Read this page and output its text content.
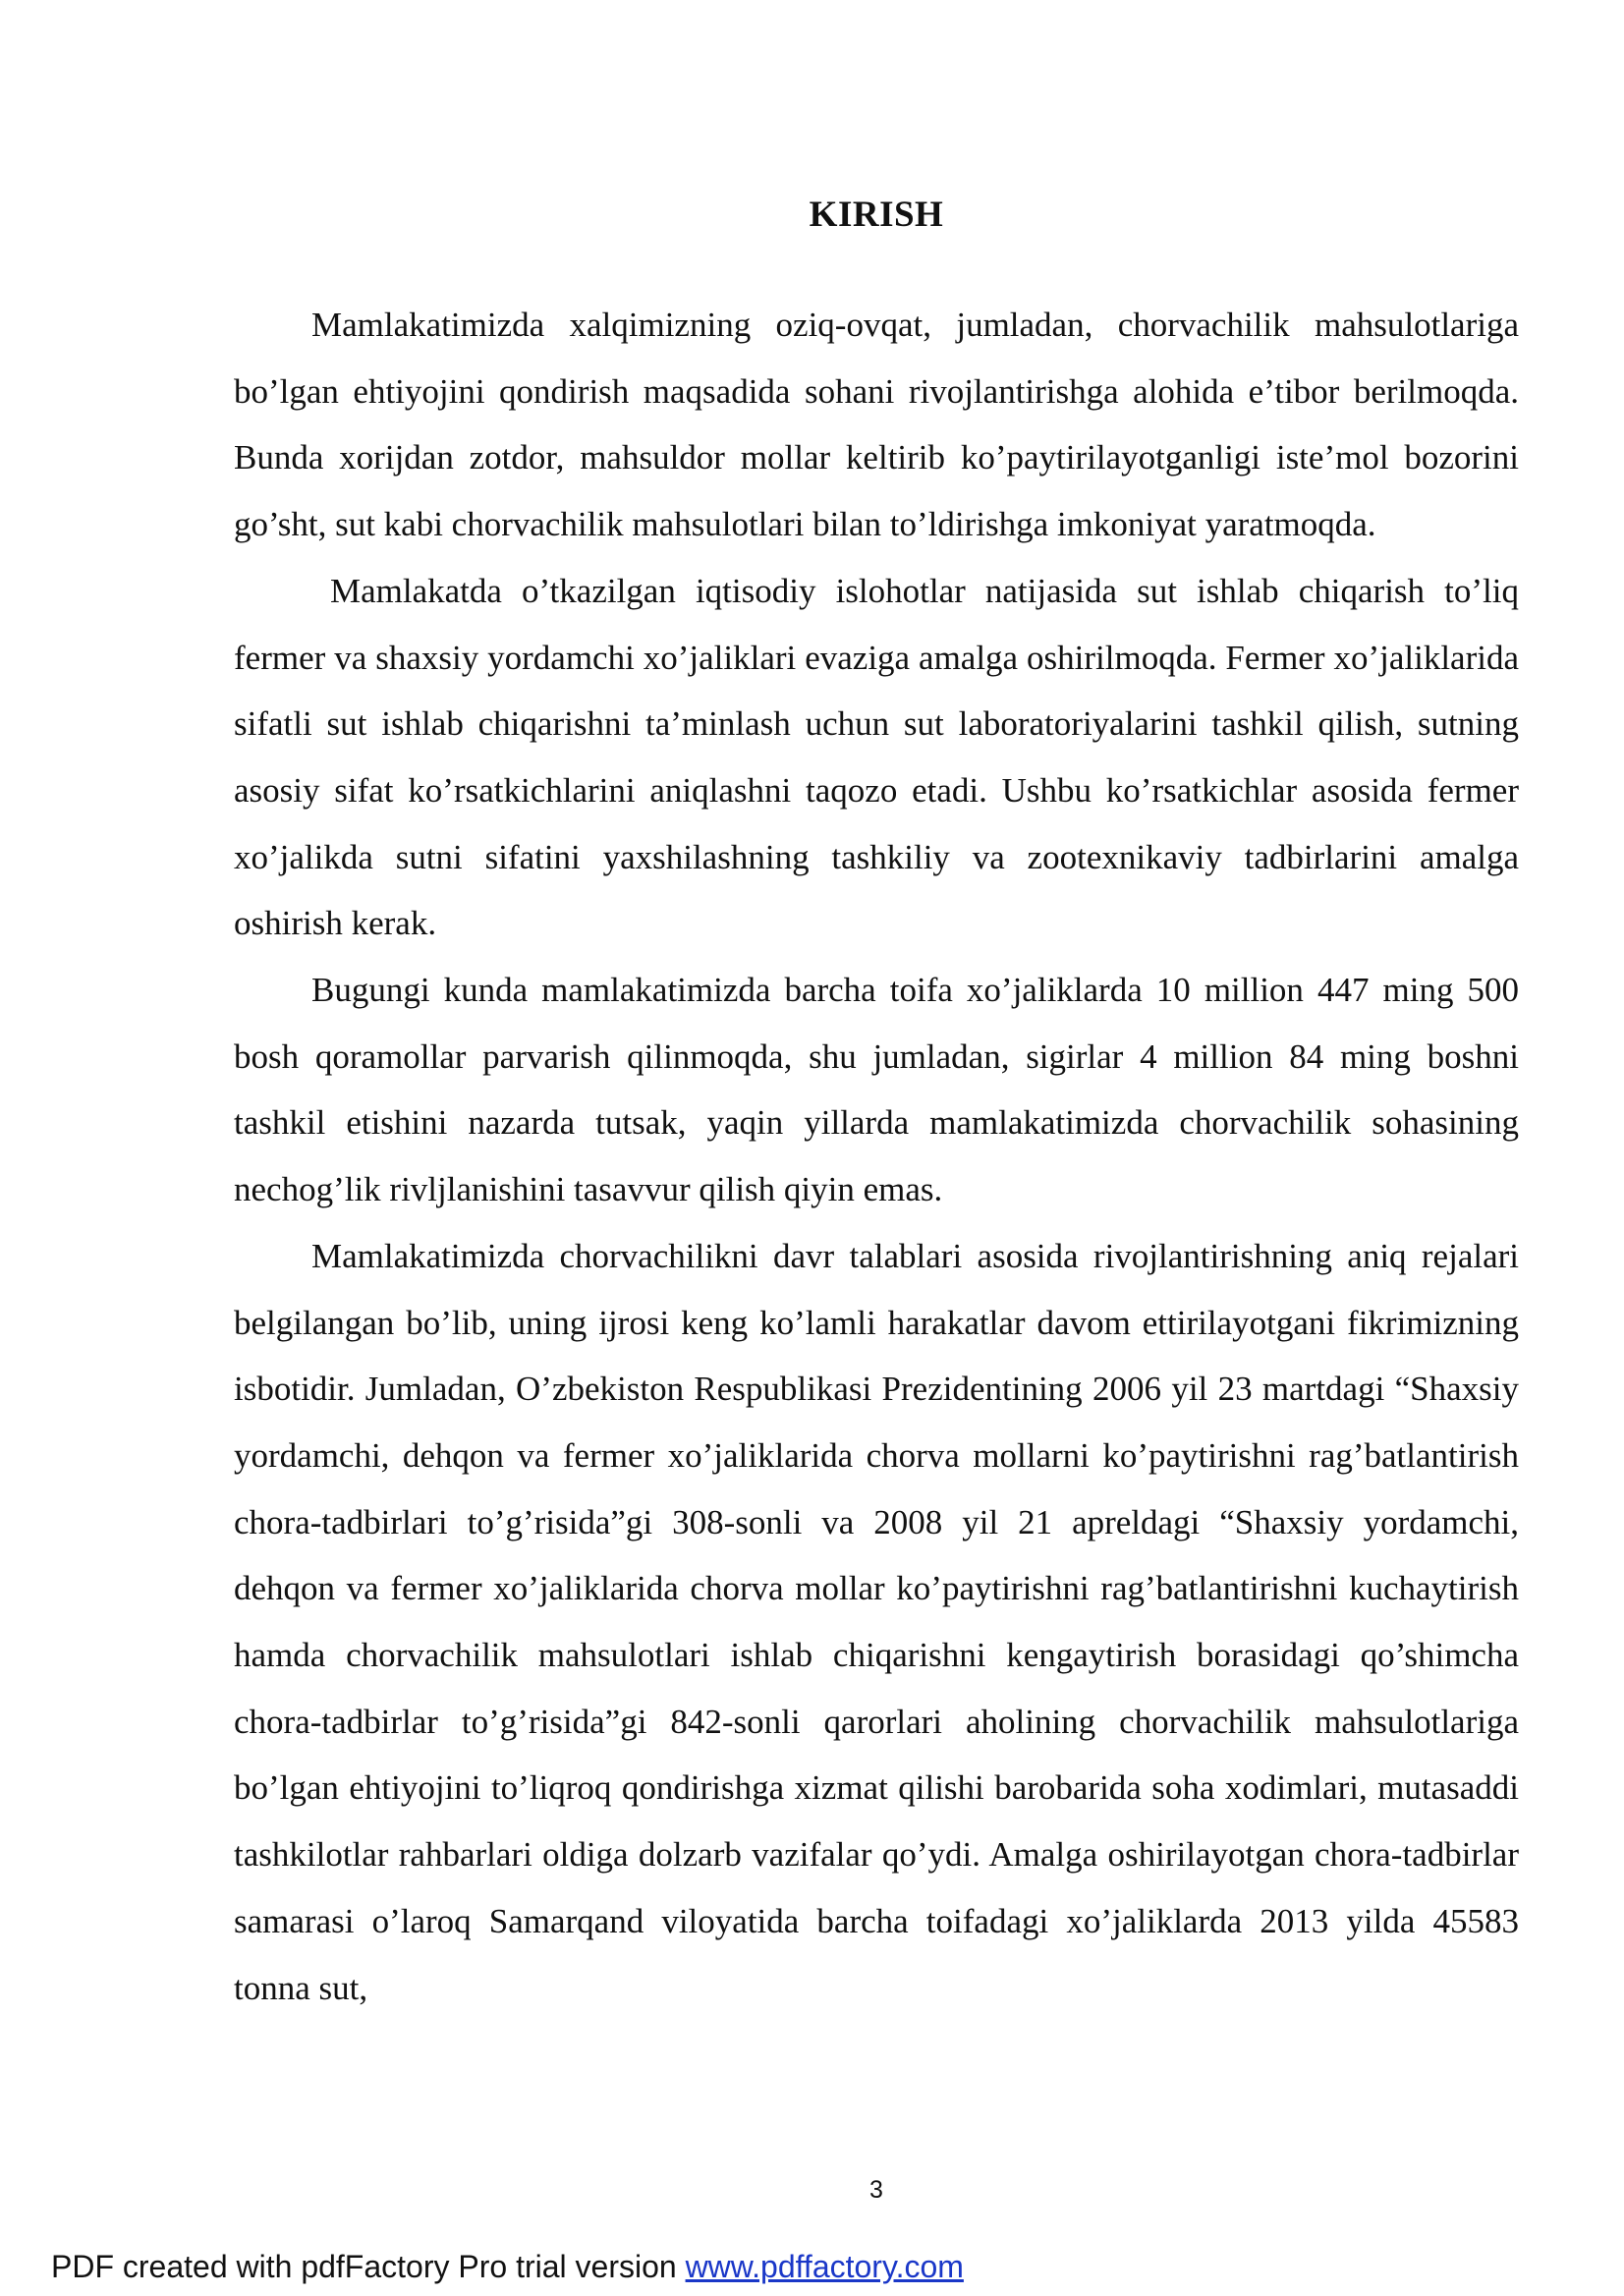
KIRISH

Mamlakatimizda xalqimizning oziq-ovqat, jumladan, chorvachilik mahsulotlariga bo’lgan ehtiyojini qondirish maqsadida sohani rivojlantirishga alohida e’tibor berilmoqda. Bunda xorijdan zotdor, mahsuldor mollar keltirib ko’paytirilayotganligi iste’mol bozorini go’sht, sut kabi chorvachilik mahsulotlari bilan to’ldirishga imkoniyat yaratmoqda.

Mamlakatda o’tkazilgan iqtisodiy islohotlar natijasida sut ishlab chiqarish to’liq fermer va shaxsiy yordamchi xo’jaliklari evaziga amalga oshirilmoqda. Fermer xo’jaliklarida sifatli sut ishlab chiqarishni ta’minlash uchun sut laboratoriyalarini tashkil qilish, sutning asosiy sifat ko’rsatkichlarini aniqlashni taqozo etadi. Ushbu ko’rsatkichlar asosida fermer xo’jalikda sutni sifatini yaxshilashning tashkiliy va zootexnikaviy tadbirlarini amalga oshirish kerak.

Bugungi kunda mamlakatimizda barcha toifa xo’jaliklarda 10 million 447 ming 500 bosh qoramollar parvarish qilinmoqda, shu jumladan, sigirlar 4 million 84 ming boshni tashkil etishini nazarda tutsak, yaqin yillarda mamlakatimizda chorvachilik sohasining nechog’lik rivljlanishini tasavvur qilish qiyin emas.

Mamlakatimizda chorvachilikni davr talablari asosida rivojlantirishning aniq rejalari belgilangan bo’lib, uning ijrosi keng ko’lamli harakatlar davom ettirilayotgani fikrimizning isbotidir. Jumladan, O’zbekiston Respublikasi Prezidentining 2006 yil 23 martdagi “Shaxsiy yordamchi, dehqon va fermer xo’jaliklarida chorva mollarni ko’paytirishni rag’batlantirish chora-tadbirlari to’g’risida”gi 308-sonli va 2008 yil 21 apreldagi “Shaxsiy yordamchi, dehqon va fermer xo’jaliklarida chorva mollar ko’paytirishni rag’batlantirishni kuchaytirish hamda chorvachilik mahsulotlari ishlab chiqarishni kengaytirish borasidagi qo’shimcha chora-tadbirlar to’g’risida”gi 842-sonli qarorlari aholining chorvachilik mahsulotlariga bo’lgan ehtiyojini to’liqroq qondirishga xizmat qilishi barobarida soha xodimlari, mutasaddi tashkilotlar rahbarlari oldiga dolzarb vazifalar qo’ydi. Amalga oshirilayotgan chora-tadbirlar samarasi o’laroq Samarqand viloyatida barcha toifadagi xo’jaliklarda 2013 yilda 45583 tonna sut,

3

PDF created with pdfFactory Pro trial version www.pdffactory.com
